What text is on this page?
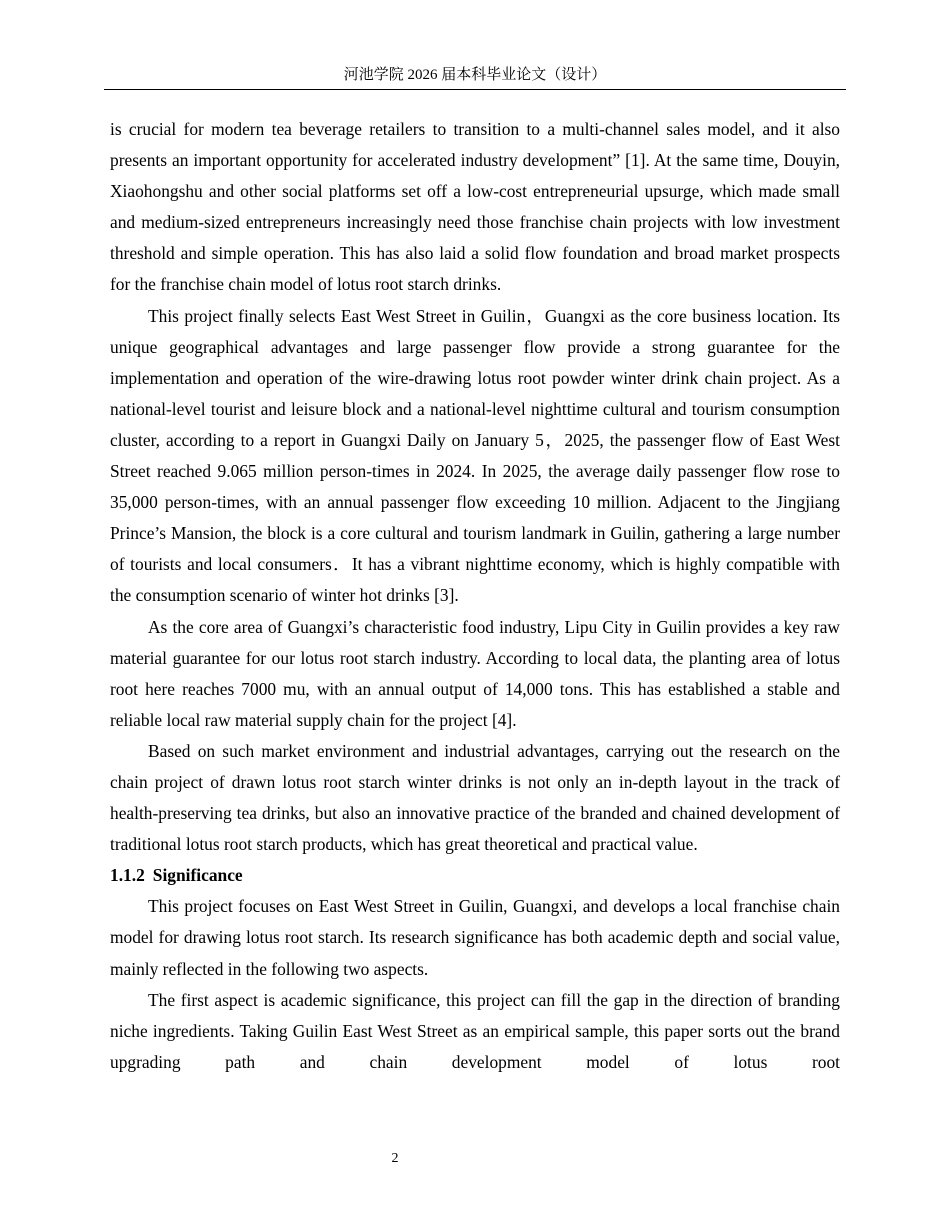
河池学院 2026 届本科毕业论文（设计）

is crucial for modern tea beverage retailers to transition to a multi-channel sales model, and it also presents an important opportunity for accelerated industry development” [1]. At the same time, Douyin, Xiaohongshu and other social platforms set off a low-cost entrepreneurial upsurge, which made small and medium-sized entrepreneurs increasingly need those franchise chain projects with low investment threshold and simple operation. This has also laid a solid flow foundation and broad market prospects for the franchise chain model of lotus root starch drinks.

This project finally selects East West Street in Guilin，Guangxi as the core business location. Its unique geographical advantages and large passenger flow provide a strong guarantee for the implementation and operation of the wire-drawing lotus root powder winter drink chain project. As a national-level tourist and leisure block and a national-level nighttime cultural and tourism consumption cluster, according to a report in Guangxi Daily on January 5，2025, the passenger flow of East West Street reached 9.065 million person-times in 2024. In 2025, the average daily passenger flow rose to 35,000 person-times, with an annual passenger flow exceeding 10 million. Adjacent to the Jingjiang Prince’s Mansion, the block is a core cultural and tourism landmark in Guilin, gathering a large number of tourists and local consumers．It has a vibrant nighttime economy, which is highly compatible with the consumption scenario of winter hot drinks [3].

As the core area of Guangxi’s characteristic food industry, Lipu City in Guilin provides a key raw material guarantee for our lotus root starch industry. According to local data, the planting area of lotus root here reaches 7000 mu, with an annual output of 14,000 tons. This has established a stable and reliable local raw material supply chain for the project [4].

Based on such market environment and industrial advantages, carrying out the research on the chain project of drawn lotus root starch winter drinks is not only an in-depth layout in the track of health-preserving tea drinks, but also an innovative practice of the branded and chained development of traditional lotus root starch products, which has great theoretical and practical value.

1.1.2 Significance

This project focuses on East West Street in Guilin, Guangxi, and develops a local franchise chain model for drawing lotus root starch. Its research significance has both academic depth and social value, mainly reflected in the following two aspects.

The first aspect is academic significance, this project can fill the gap in the direction of branding niche ingredients. Taking Guilin East West Street as an empirical sample, this paper sorts out the brand upgrading path and chain development model of lotus root

2
